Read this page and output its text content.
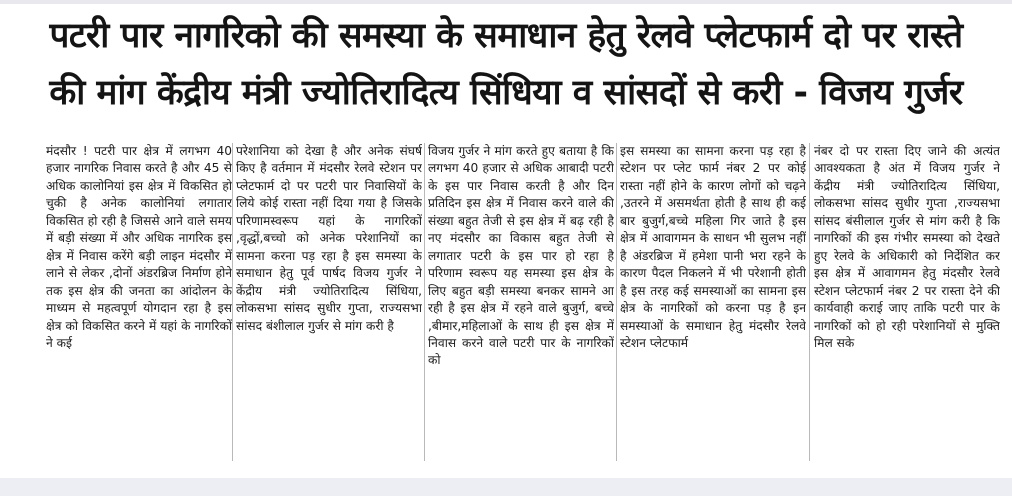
पटरी पार नागरिको की समस्या के समाधान हेतु रेलवे प्लेटफार्म दो पर रास्ते
की मांग केंद्रीय मंत्री ज्योतिरादित्य सिंधिया व सांसदों से करी - विजय गुर्जर

मंदसौर ! पटरी पार क्षेत्र में लगभग 40 हजार नागरिक निवास करते है और 45 से अधिक कालोनियां इस क्षेत्र में विकसित हो चुकी है अनेक कालोनियां लगातार विकसित हो रही है जिससे आने वाले समय में बड़ी संख्या में और अधिक नागरिक इस क्षेत्र में निवास करेंगे बड़ी लाइन मंदसौर में लाने से लेकर ,दोनों अंडरब्रिज निर्माण होने तक इस क्षेत्र की जनता का आंदोलन के माध्यम से महत्वपूर्ण योगदान रहा है इस क्षेत्र को विकसित करने में यहां के नागरिकों ने कई

परेशानिया को देखा है और अनेक संघर्ष किए है वर्तमान में मंदसौर रेलवे स्टेशन पर प्लेटफार्म दो पर पटरी पार निवासियों के लिये कोई रास्ता नहीं दिया गया है जिसके परिणामस्वरूप यहां के नागरिकों ,वृद्धों,बच्चो को अनेक परेशानियों का सामना करना पड़ रहा है इस समस्या के समाधान हेतु पूर्व पार्षद विजय गुर्जर ने केंद्रीय मंत्री ज्योतिरादित्य सिंधिया, लोकसभा सांसद सुधीर गुप्ता, राज्यसभा सांसद बंशीलाल गुर्जर से मांग करी है

विजय गुर्जर ने मांग करते हुए बताया है कि लगभग 40 हजार से अधिक आबादी पटरी के इस पार निवास करती है और दिन प्रतिदिन इस क्षेत्र में निवास करने वाले की संख्या बहुत तेजी से इस क्षेत्र में बढ़ रही है नए मंदसौर का विकास बहुत तेजी से लगातार पटरी के इस पार हो रहा है परिणाम स्वरूप यह समस्या इस क्षेत्र के लिए बहुत बड़ी समस्या बनकर सामने आ रही है इस क्षेत्र में रहने वाले बुजुर्ग, बच्चे ,बीमार,महिलाओं के साथ ही इस क्षेत्र में निवास करने वाले पटरी पार के नागरिकों को

इस समस्या का सामना करना पड़ रहा है स्टेशन पर प्लेट फार्म नंबर 2 पर कोई रास्ता नहीं होने के कारण लोगों को चढ़ने ,उतरने में असमर्थता होती है साथ ही कई बार बुजुर्ग,बच्चे महिला गिर जाते है इस क्षेत्र में आवागमन के साधन भी सुलभ नहीं है अंडरब्रिज में हमेशा पानी भरा रहने के कारण पैदल निकलने में भी परेशानी होती है इस तरह कई समस्याओं का सामना इस क्षेत्र के नागरिकों को करना पड़ है इन समस्याओं के समाधान हेतु मंदसौर रेलवे स्टेशन प्लेटफार्म

नंबर दो पर रास्ता दिए जाने की अत्यंत आवश्यकता है अंत में विजय गुर्जर ने केंद्रीय मंत्री ज्योतिरादित्य सिंधिया, लोकसभा सांसद सुधीर गुप्ता ,राज्यसभा सांसद बंसीलाल गुर्जर से मांग करी है कि नागरिकों की इस गंभीर समस्या को देखते हुए रेलवे के अधिकारी को निर्देशित कर इस क्षेत्र में आवागमन हेतु मंदसौर रेलवे स्टेशन प्लेटफार्म नंबर 2 पर रास्ता देने की कार्यवाही कराई जाए ताकि पटरी पार के नागरिकों को हो रही परेशानियों से मुक्ति मिल सके
